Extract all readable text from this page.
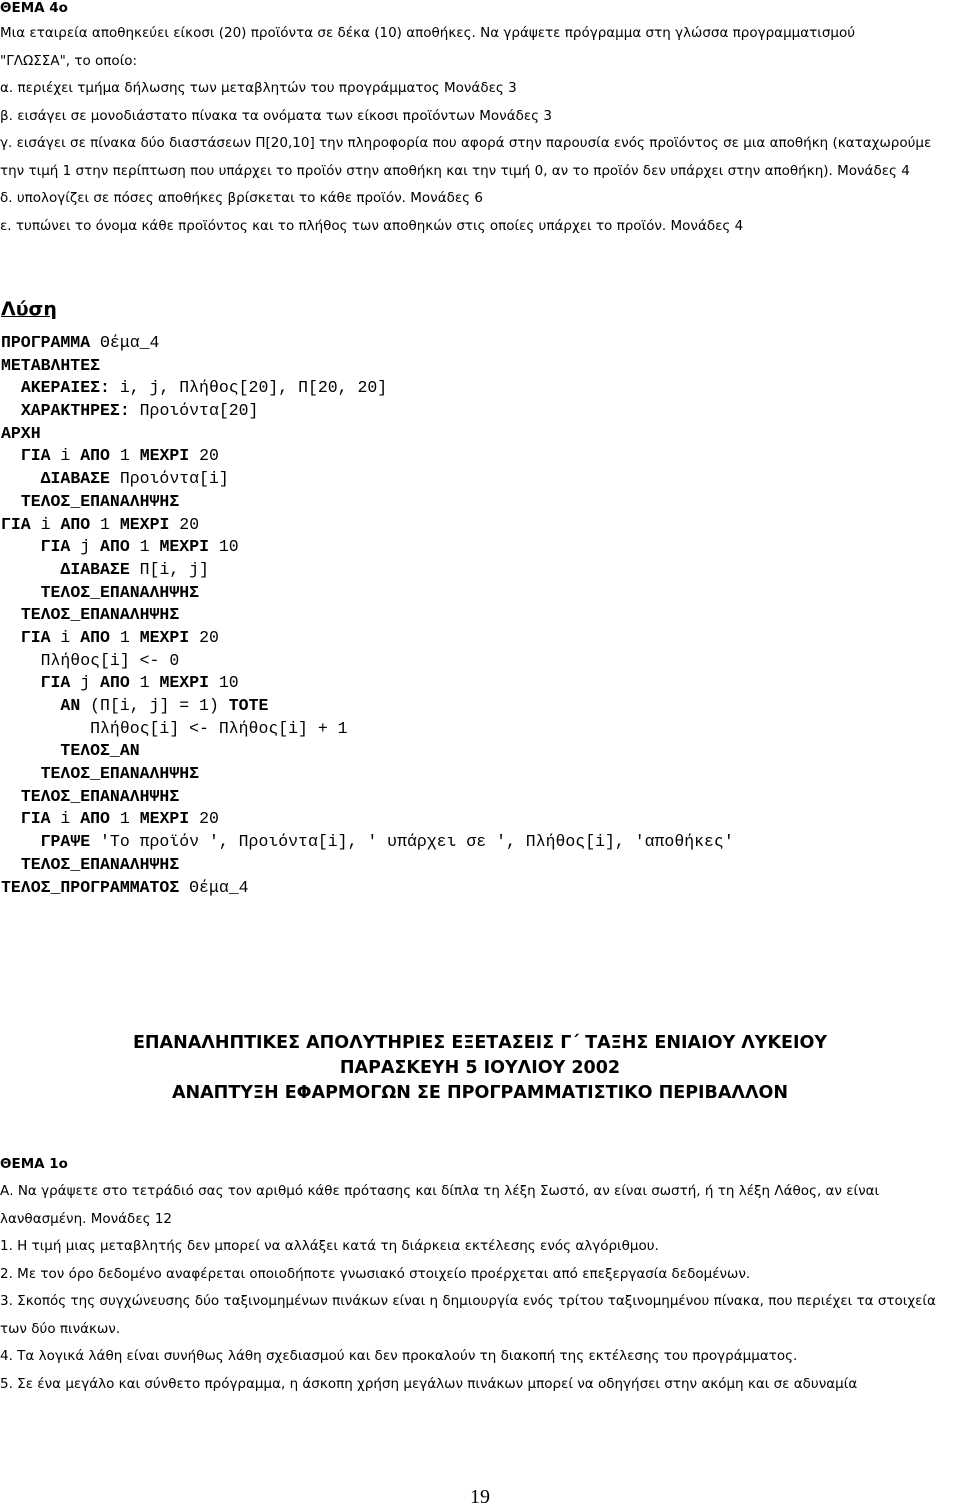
ΘΕΜΑ 4ο
Μια εταιρεία αποθηκεύει είκοσι (20) προϊόντα σε δέκα (10) αποθήκες. Να γράψετε πρόγραμμα στη γλώσσα προγραμματισμού
"ΓΛΩΣΣΑ", το οποίο:
α. περιέχει τμήμα δήλωσης των μεταβλητών του προγράμματος Μονάδες 3
β. εισάγει σε μονοδιάστατο πίνακα τα ονόματα των είκοσι προϊόντων Μονάδες 3
γ. εισάγει σε πίνακα δύο διαστάσεων Π[20,10] την πληροφορία που αφορά στην παρουσία ενός προϊόντος σε μια αποθήκη (καταχωρούμε την τιμή 1 στην περίπτωση που υπάρχει το προϊόν στην αποθήκη και την τιμή 0, αν το προϊόν δεν υπάρχει στην αποθήκη). Μονάδες 4
δ. υπολογίζει σε πόσες αποθήκες βρίσκεται το κάθε προϊόν. Μονάδες 6
ε. τυπώνει το όνομα κάθε προϊόντος και το πλήθος των αποθηκών στις οποίες υπάρχει το προϊόν. Μονάδες 4
Λύση
ΠΡΟΓΡΑΜΜΑ Θέμα_4
ΜΕΤΑΒΛΗΤΕΣ
ΑΚΕΡΑΙΕΣ: i, j, Πλήθος[20], Π[20, 20]
ΧΑΡΑΚΤΗΡΕΣ: Προιόντα[20]
ΑΡΧΗ
ΓΙΑ i ΑΠΟ 1 ΜΕΧΡΙ 20
ΔΙΑΒΑΣΕ Προιόντα[i]
ΤΕΛΟΣ_ΕΠΑΝΑΛΗΨΗΣ
ΓΙΑ i ΑΠΟ 1 ΜΕΧΡΙ 20
ΓΙΑ j ΑΠΟ 1 ΜΕΧΡΙ 10
ΔΙΑΒΑΣΕ Π[i, j]
ΤΕΛΟΣ_ΕΠΑΝΑΛΗΨΗΣ
ΤΕΛΟΣ_ΕΠΑΝΑΛΗΨΗΣ
ΓΙΑ i ΑΠΟ 1 ΜΕΧΡΙ 20
Πλήθος[i] <- 0
ΓΙΑ j ΑΠΟ 1 ΜΕΧΡΙ 10
ΑΝ (Π[i, j] = 1) ΤΟΤΕ
Πλήθος[i] <- Πλήθος[i] + 1
ΤΕΛΟΣ_ΑΝ
ΤΕΛΟΣ_ΕΠΑΝΑΛΗΨΗΣ
ΤΕΛΟΣ_ΕΠΑΝΑΛΗΨΗΣ
ΓΙΑ i ΑΠΟ 1 ΜΕΧΡΙ 20
ΓΡΑΨΕ 'Το προϊόν ', Προιόντα[i], ' υπάρχει σε ', Πλήθος[i], 'αποθήκες'
ΤΕΛΟΣ_ΕΠΑΝΑΛΗΨΗΣ
ΤΕΛΟΣ_ΠΡΟΓΡΑΜΜΑΤΟΣ Θέμα_4
ΕΠΑΝΑΛΗΠΤΙΚΕΣ ΑΠΟΛΥΤΗΡΙΕΣ ΕΞΕΤΑΣΕΙΣ Γ΄ ΤΑΞΗΣ ΕΝΙΑΙΟΥ ΛΥΚΕΙΟΥ
ΠΑΡΑΣΚΕΥΗ 5 ΙΟΥΛΙΟΥ 2002
ΑΝΑΠΤΥΞΗ ΕΦΑΡΜΟΓΩΝ ΣΕ ΠΡΟΓΡΑΜΜΑΤΙΣΤΙΚΟ ΠΕΡΙΒΑΛΛΟΝ
ΘΕΜΑ 1ο
Α. Να γράψετε στο τετράδιό σας τον αριθμό κάθε πρότασης και δίπλα τη λέξη Σωστό, αν είναι σωστή, ή τη λέξη Λάθος, αν είναι λανθασμένη. Μονάδες 12
1. Η τιμή μιας μεταβλητής δεν μπορεί να αλλάξει κατά τη διάρκεια εκτέλεσης ενός αλγόριθμου.
2. Με τον όρο δεδομένο αναφέρεται οποιοδήποτε γνωσιακό στοιχείο προέρχεται από επεξεργασία δεδομένων.
3. Σκοπός της συγχώνευσης δύο ταξινομημένων πινάκων είναι η δημιουργία ενός τρίτου ταξινομημένου πίνακα, που περιέχει τα στοιχεία των δύο πινάκων.
4. Τα λογικά λάθη είναι συνήθως λάθη σχεδιασμού και δεν προκαλούν τη διακοπή της εκτέλεσης του προγράμματος.
5. Σε ένα μεγάλο και σύνθετο πρόγραμμα, η άσκοπη χρήση μεγάλων πινάκων μπορεί να οδηγήσει στην ακόμη και σε αδυναμία
19
